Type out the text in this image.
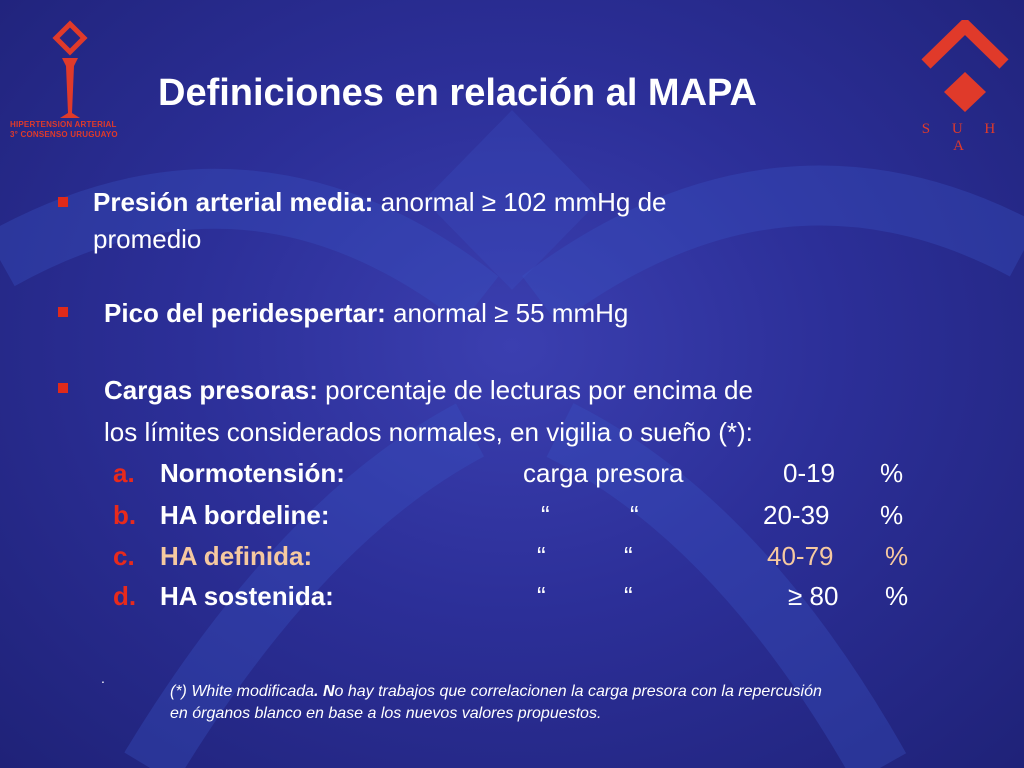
HIPERTENSION ARTERIAL
3° CONSENSO URUGUAYO	S U H A
Definiciones en relación al MAPA
Presión arterial media: anormal ≥ 102 mmHg de
promedio
Pico del peridespertar: anormal ≥ 55 mmHg
Cargas presoras: porcentaje de lecturas por encima de
los límites considerados normales, en vigilia o sueño (*):
a. Normotensión:	carga presora	0-19 %
b. HA bordeline:	“	“	20-39 %
c. HA definida:	“	“	40-79 %
d. HA sostenida:	“	“	≥ 80 %
.
(*) White modificada. No hay trabajos que correlacionen la carga presora con la repercusión
en órganos blanco en base a los nuevos valores propuestos.
